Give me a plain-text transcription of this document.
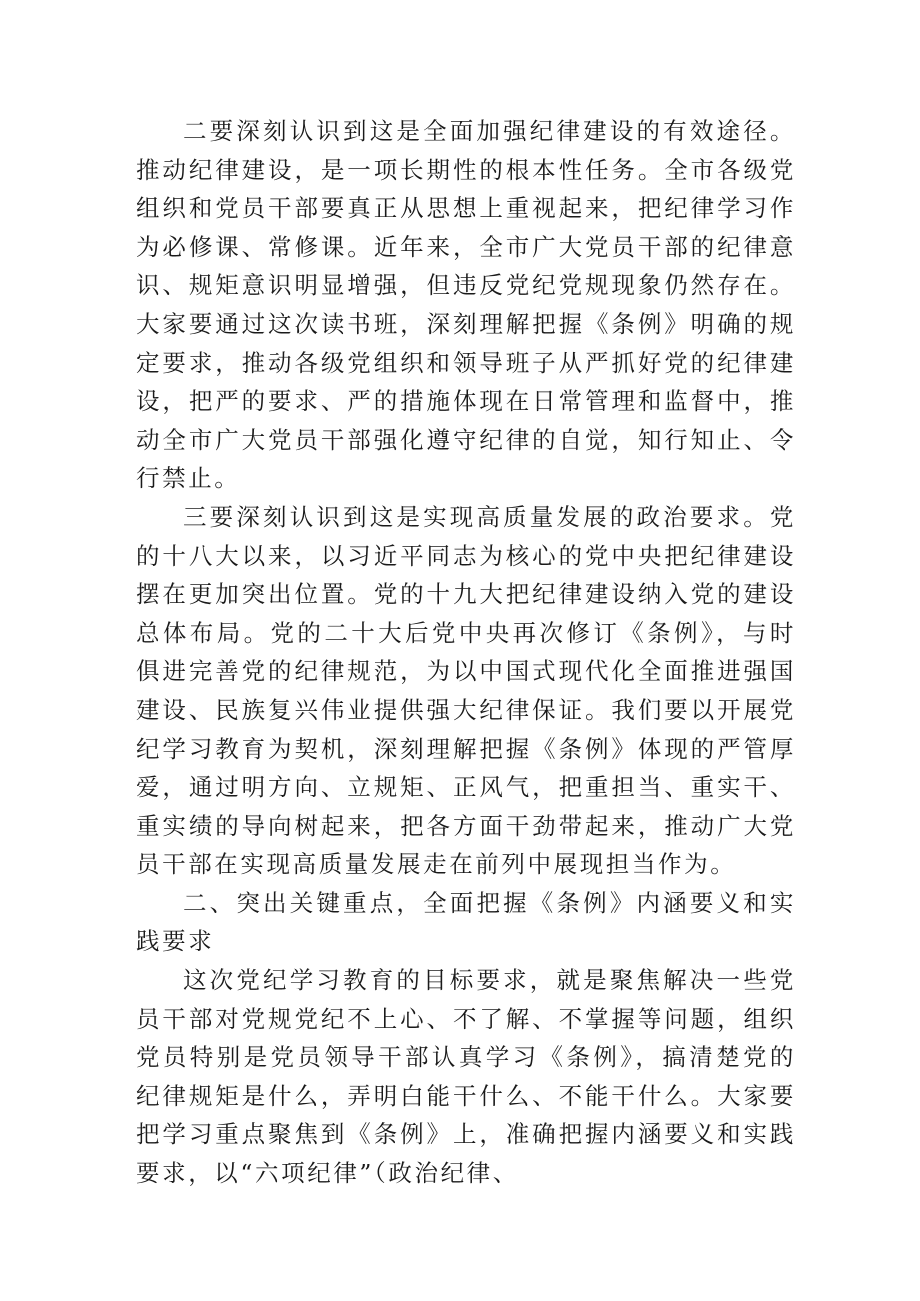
二要深刻认识到这是全面加强纪律建设的有效途径。推动纪律建设，是一项长期性的根本性任务。全市各级党组织和党员干部要真正从思想上重视起来，把纪律学习作为必修课、常修课。近年来，全市广大党员干部的纪律意识、规矩意识明显增强，但违反党纪党规现象仍然存在。大家要通过这次读书班，深刻理解把握《条例》明确的规定要求，推动各级党组织和领导班子从严抓好党的纪律建设，把严的要求、严的措施体现在日常管理和监督中，推动全市广大党员干部强化遵守纪律的自觉，知行知止、令行禁止。

三要深刻认识到这是实现高质量发展的政治要求。党的十八大以来，以习近平同志为核心的党中央把纪律建设摆在更加突出位置。党的十九大把纪律建设纳入党的建设总体布局。党的二十大后党中央再次修订《条例》，与时俱进完善党的纪律规范，为以中国式现代化全面推进强国建设、民族复兴伟业提供强大纪律保证。我们要以开展党纪学习教育为契机，深刻理解把握《条例》体现的严管厚爱，通过明方向、立规矩、正风气，把重担当、重实干、重实绩的导向树起来，把各方面干劲带起来，推动广大党员干部在实现高质量发展走在前列中展现担当作为。

二、突出关键重点，全面把握《条例》内涵要义和实践要求

这次党纪学习教育的目标要求，就是聚焦解决一些党员干部对党规党纪不上心、不了解、不掌握等问题，组织党员特别是党员领导干部认真学习《条例》，搞清楚党的纪律规矩是什么，弄明白能干什么、不能干什么。大家要把学习重点聚焦到《条例》上，准确把握内涵要义和实践要求，以“六项纪律”（政治纪律、
